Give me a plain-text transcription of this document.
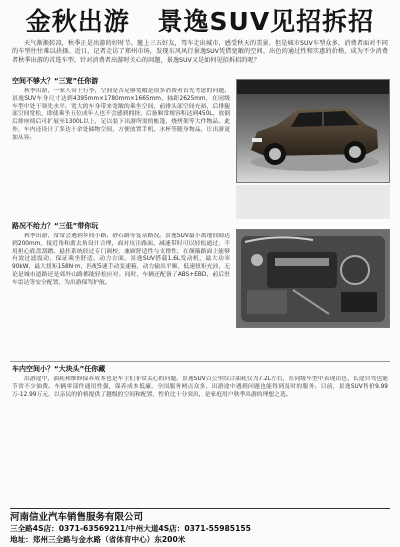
金秋出游 景逸SUV见招拆招
天气渐渐转凉，秋季正是出游的好时节。邀上三五好友，驾车走出城市，感受秋天的美景。但是城市SUV车型众多，消费者面对不同的车型往往难以抉择。近日，记者走访了郑州市场，发现东风风行景逸SUV凭借宽敞的空间、出色的通过性和实惠的价格，成为不少消费者秋季出游的首选车型。针对消费者出游时关心的问题，景逸SUV又是如何见招拆招的呢？
空间不够大？“三宽”任你游
秋季出游，一家人带上行李，空间是否足够宽敞是很多消费者首先考虑的问题。景逸SUV车身尺寸达到4395mm×1780mm×1665mm，轴距2625mm，在同级车型中处于领先水平。宽大的车身带来宽敞的乘坐空间，前排头部空间充裕，后排腿部空间宽松，即使乘坐五位成年人也不会感到拥挤。后备厢常规容积达到450L，放倒后排座椅后可扩展至1300L以上，足以装下出游所需的帐篷、烧烤架等大件物品。此外，车内还设计了多达十余处储物空间，方便放置手机、水杯等随身物品，让出游更加从容。
路况不给力？“三低”带你玩
秋季出游，常常会遇到乡间小路、砂石路等复杂路况。景逸SUV最小离地间隙达到200mm，接近角和离去角设计合理，面对坑洼路面、减速带时可以轻松通过，不用担心底盘刮蹭。悬挂系统经过专门调校，兼顾舒适性与支撑性，在颠簸路面上能够有效过滤震动，保证乘坐舒适。动力方面，景逸SUV搭载1.6L发动机，最大功率90kW，最大扭矩158N·m，匹配5速手动变速箱，动力输出平顺，低速扭矩充沛，无论是城市道路还是郊外山路都能轻松应对。同时，车辆还配备了ABS+EBD、前后驻车雷达等安全配置，为出游保驾护航。
车内空间小？“大块头”任你藏
出游途中，油耗和维修保养成本也是车主们非常关心的问题。景逸SUV百公里综合油耗仅为7.2L左右，在同级车型中表现出色，长途自驾也能节省不少油费。车辆零部件通用性强，保养成本低廉，全国服务网点众多，出游途中遇到问题也能得到及时的服务。目前，景逸SUV售价9.99万-12.99万元，以亲民的价格提供了越级的空间和配置，性价比十分突出，是家庭用户秋季出游的理想之选。
河南信业汽车销售服务有限公司
三全路4S店：0371-63569211/中州大道4S店：0371-55985155
地址：郑州三全路与金水路（省体育中心）东200米
